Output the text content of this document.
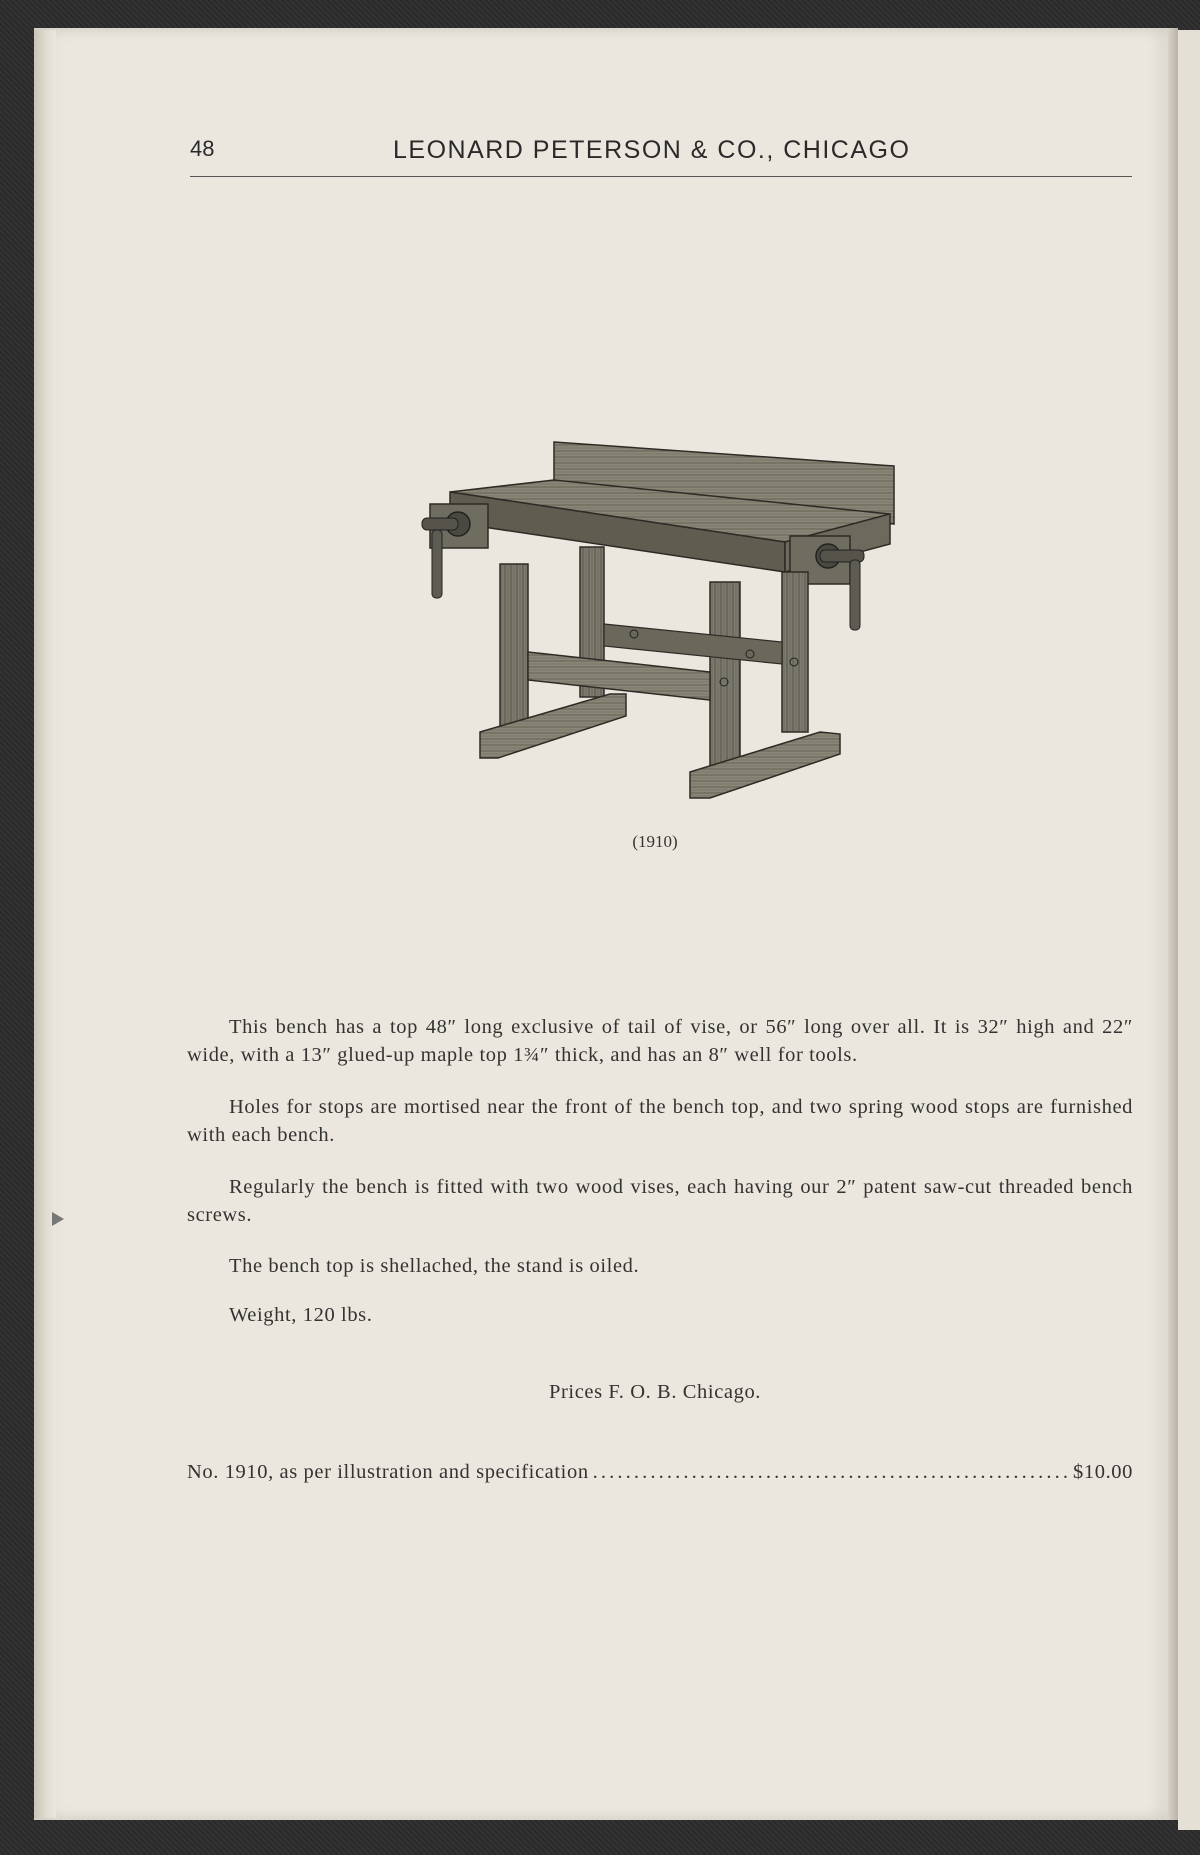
48	LEONARD PETERSON & CO., CHICAGO
(1910)

This bench has a top 48″ long exclusive of tail of vise, or 56″ long over all. It is 32″ high and 22″ wide, with a 13″ glued-up maple top 1¾″ thick, and has an 8″ well for tools.

Holes for stops are mortised near the front of the bench top, and two spring wood stops are furnished with each bench.

Regularly the bench is fitted with two wood vises, each having our 2″ patent saw-cut threaded bench screws.

The bench top is shellached, the stand is oiled.

Weight, 120 lbs.

Prices F. O. B. Chicago.
No. 1910, as per illustration and specification
. . .	$10.00
